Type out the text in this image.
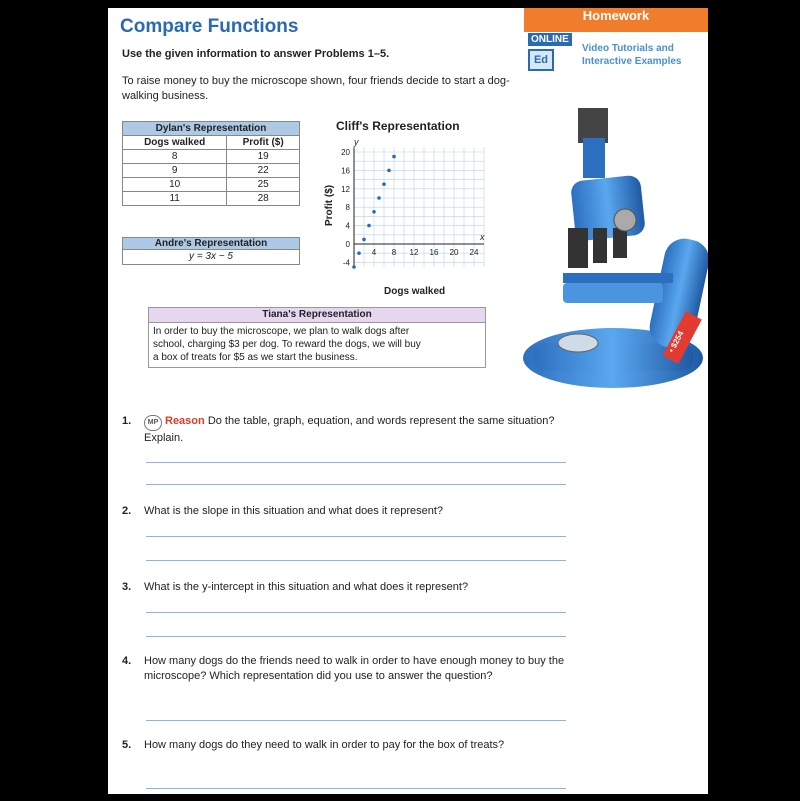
Compare Functions
Use the given information to answer Problems 1–5.
To raise money to buy the microscope shown, four friends decide to start a dog-walking business.
Homework
ONLINE
Ed
Video Tutorials and
Interactive Examples
Dylan's Representation	
Dogs walked	Profit ($)
8	19
9	22
10	25
11	28
Andre's Representation
y = 3x − 5
Cliff's Representation
4 8 12 16 20 24
20
16
12
8
4
0
-4
y
x
Profit ($)
Dogs walked
• $254
Tiana's Representation
In order to buy the microscope, we plan to walk dogs after
school, charging $3 per dog. To reward the dogs, we will buy
a box of treats for $5 as we start the business.
1. MP Reason Do the table, graph, equation, and words represent the same situation? Explain.
2. What is the slope in this situation and what does it represent?
3. What is the y-intercept in this situation and what does it represent?
4. How many dogs do the friends need to walk in order to have enough money to buy the microscope? Which representation did you use to answer the question?
5. How many dogs do they need to walk in order to pay for the box of treats?
